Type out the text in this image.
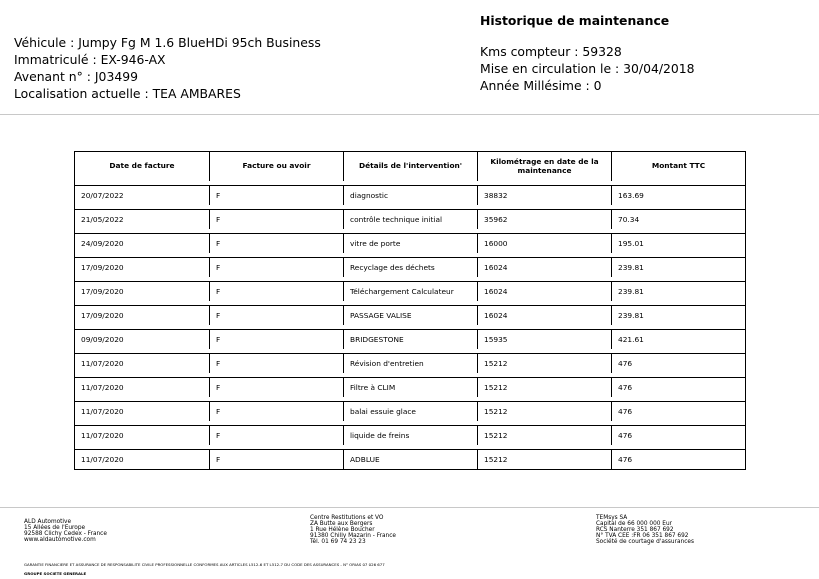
Véhicule : Jumpy Fg M 1.6 BlueHDi 95ch Business
Immatriculé : EX-946-AX
Avenant n° : J03499
Localisation actuelle : TEA AMBARES
Historique de maintenance
Kms compteur : 59328
Mise en circulation le : 30/04/2018
Année Millésime : 0
Date de facture	Facture ou avoir	Détails de l'intervention'	Kilométrage en date de la maintenance	Montant TTC
20/07/2022	F	diagnostic	38832	163.69
21/05/2022	F	contrôle technique initial	35962	70.34
24/09/2020	F	vitre de porte	16000	195.01
17/09/2020	F	Recyclage des déchets	16024	239.81
17/09/2020	F	Téléchargement Calculateur	16024	239.81
17/09/2020	F	PASSAGE VALISE	16024	239.81
09/09/2020	F	BRIDGESTONE	15935	421.61
11/07/2020	F	Révision d'entretien	15212	476
11/07/2020	F	Filtre à CLIM	15212	476
11/07/2020	F	balai essuie glace	15212	476
11/07/2020	F	liquide de freins	15212	476
11/07/2020	F	ADBLUE	15212	476
ALD Automotive
15 Allées de l'Europe
92588 Clichy Cedex - France
www.aldautomotive.com
Centre Restitutions et VO
ZA Butte aux Bergers
1 Rue Hélène Boucher
91380 Chilly Mazarin - France
Tél. 01 69 74 23 23
TEMsys SA
Capital de 66 000 000 Eur
RCS Nanterre 351 867 692
N° TVA CEE :FR 06 351 867 692
Société de courtage d'assurances
GARANTIE FINANCIERE ET ASSURANCE DE RESPONSABILITE CIVILE PROFESSIONNELLE CONFORMES AUX ARTICLES L512-6 ET L512-7 DU CODE DES ASSURANCES - N° ORIAS 07 026 677
GROUPE SOCIETE GENERALE
